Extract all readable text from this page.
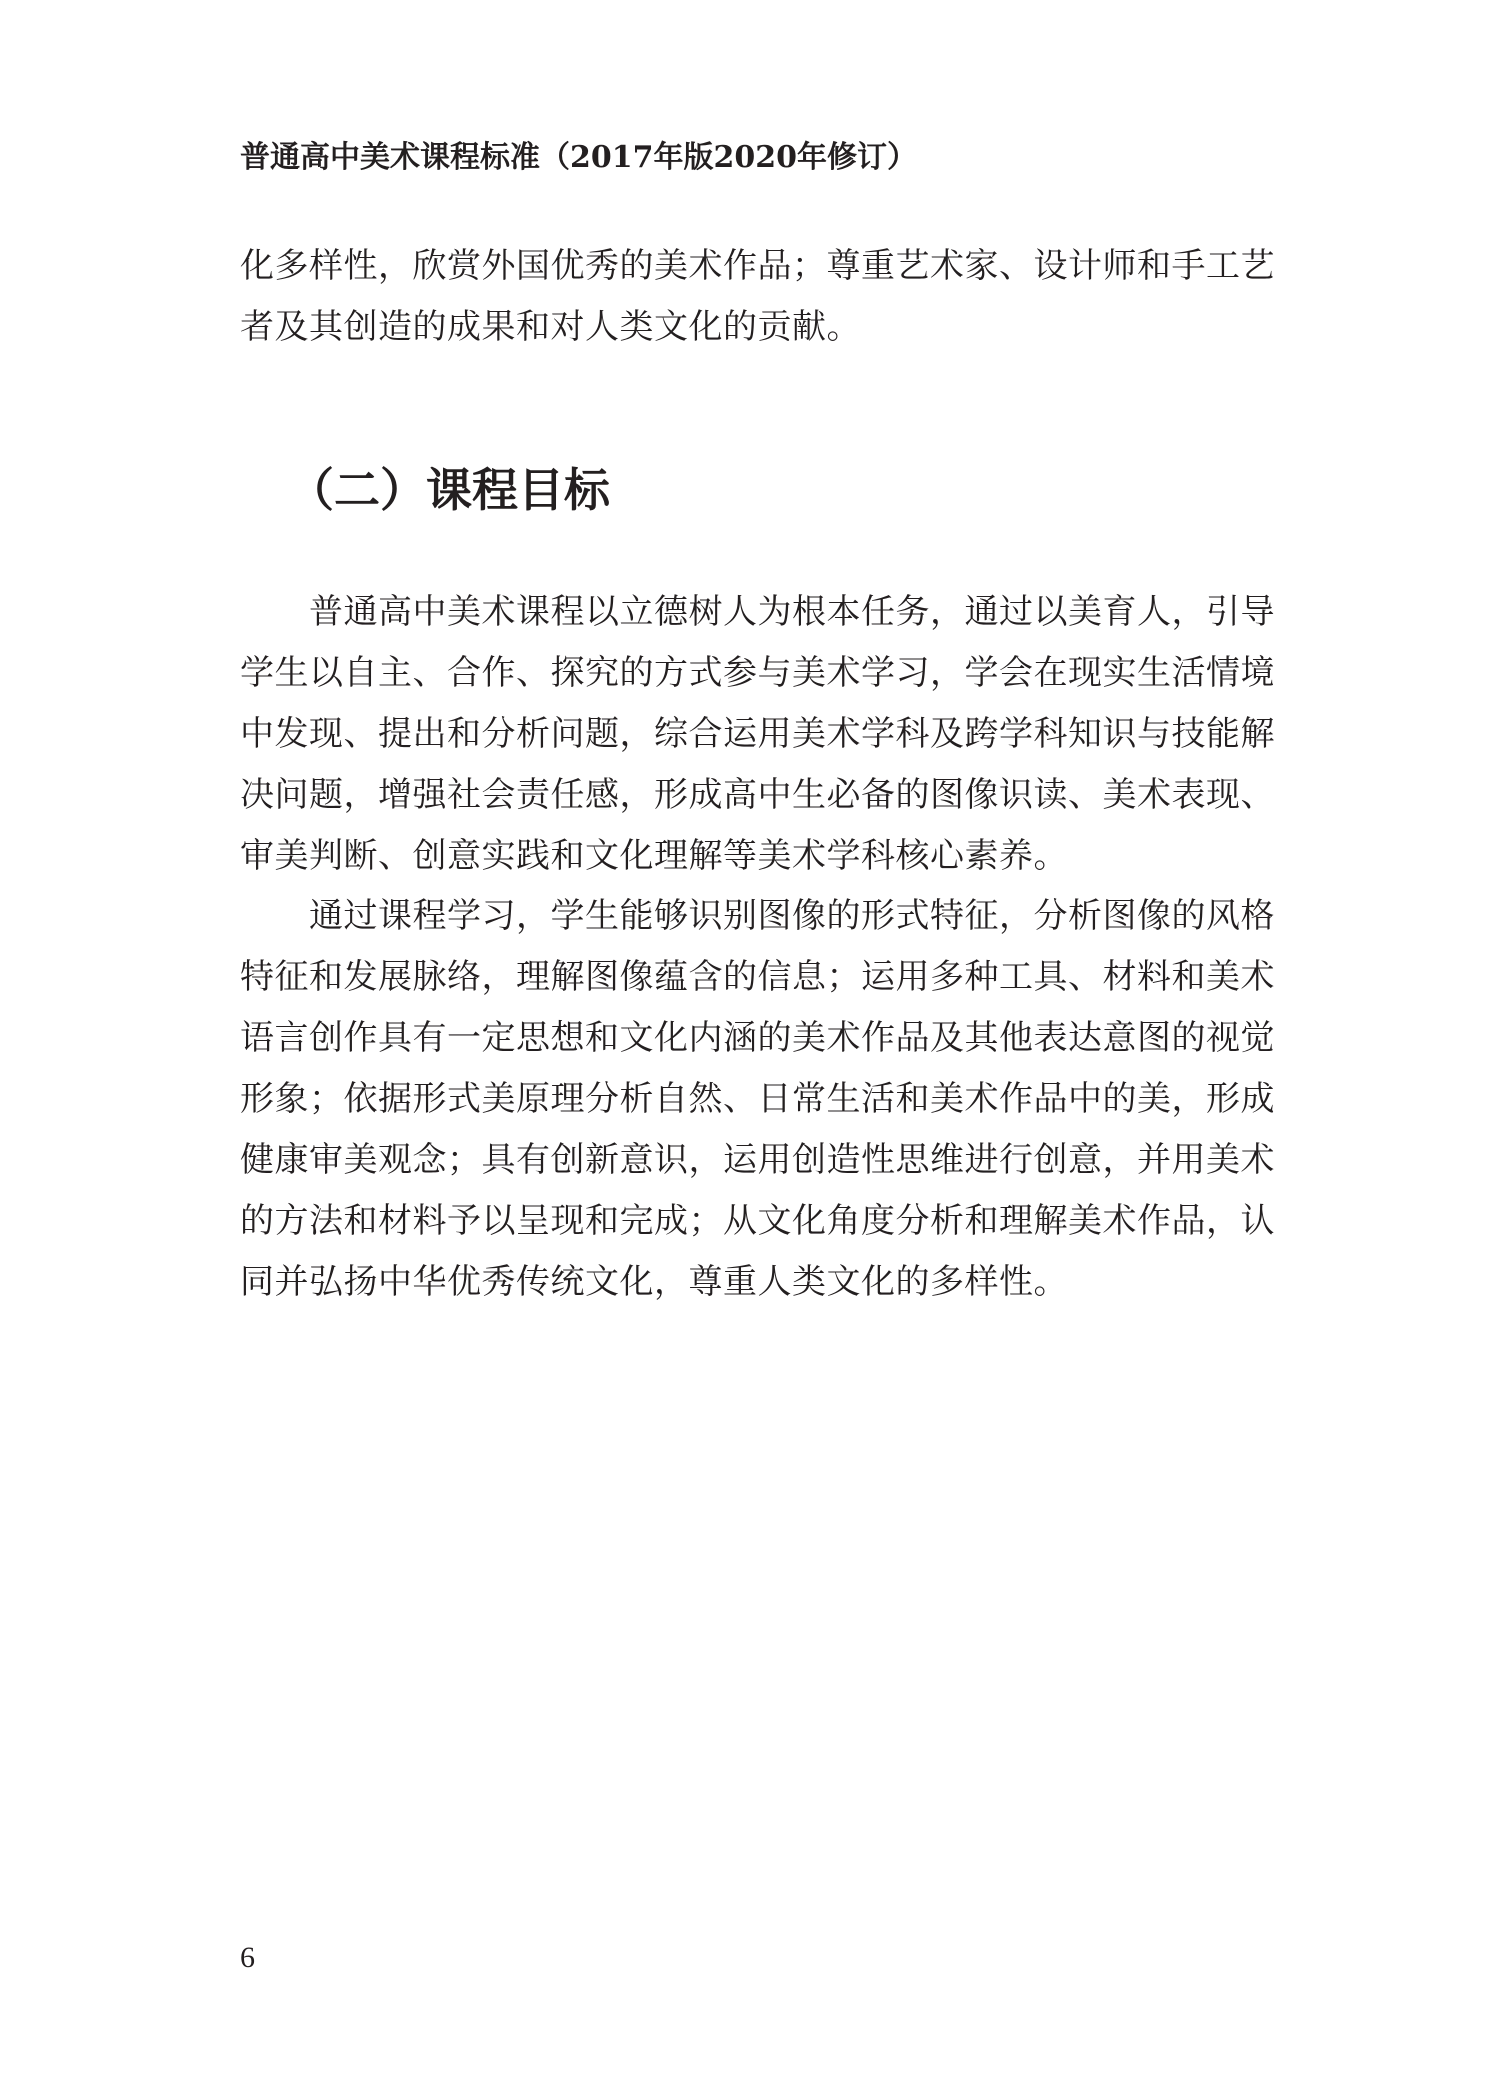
普通高中美术课程标准（2017年版2020年修订）

化多样性，欣赏外国优秀的美术作品；尊重艺术家、设计师和手工艺
者及其创造的成果和对人类文化的贡献。

（二）课程目标

　　普通高中美术课程以立德树人为根本任务，通过以美育人，引导
学生以自主、合作、探究的方式参与美术学习，学会在现实生活情境
中发现、提出和分析问题，综合运用美术学科及跨学科知识与技能解
决问题，增强社会责任感，形成高中生必备的图像识读、美术表现、
审美判断、创意实践和文化理解等美术学科核心素养。

　　通过课程学习，学生能够识别图像的形式特征，分析图像的风格
特征和发展脉络，理解图像蕴含的信息；运用多种工具、材料和美术
语言创作具有一定思想和文化内涵的美术作品及其他表达意图的视觉
形象；依据形式美原理分析自然、日常生活和美术作品中的美，形成
健康审美观念；具有创新意识，运用创造性思维进行创意，并用美术
的方法和材料予以呈现和完成；从文化角度分析和理解美术作品，认
同并弘扬中华优秀传统文化，尊重人类文化的多样性。

6
